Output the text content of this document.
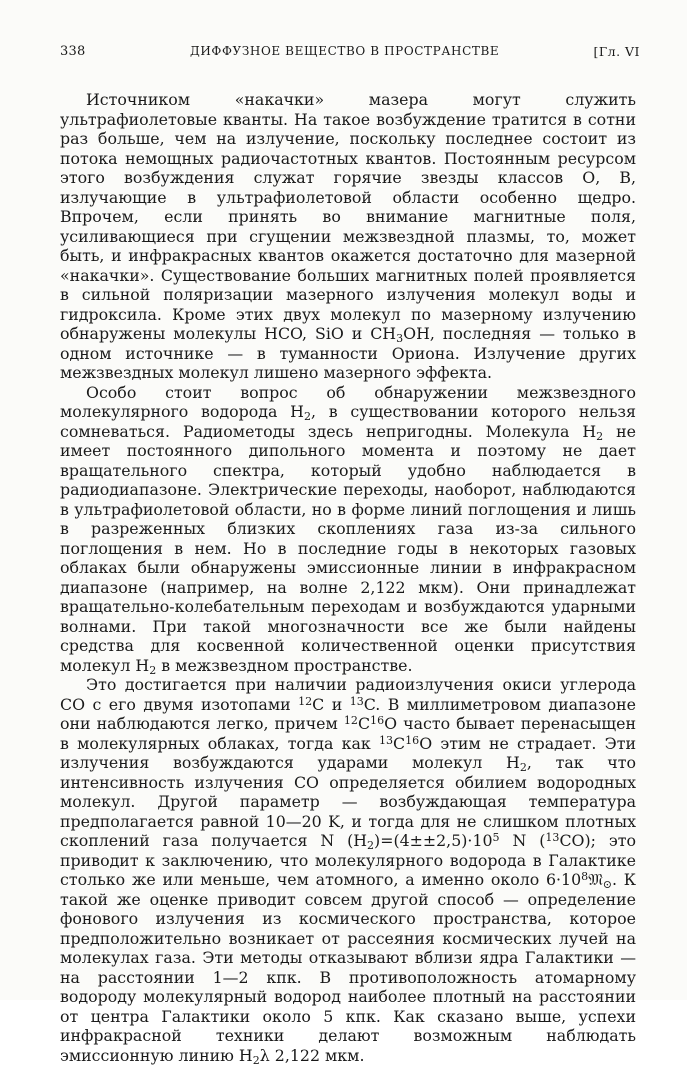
338	ДИФФУЗНОЕ ВЕЩЕСТВО В ПРОСТРАНСТВЕ	[Гл. VI

Источником «накачки» мазера могут служить ультрафиолетовые кванты. На такое возбуждение тратится в сотни раз больше, чем на излучение, поскольку последнее состоит из потока немощных радиочастотных квантов. Постоянным ресурсом этого возбуждения служат горячие звезды классов О, В, излучающие в ультрафиолетовой области особенно щедро. Впрочем, если принять во внимание магнитные поля, усиливающиеся при сгущении межзвездной плазмы, то, может быть, и инфракрасных квантов окажется достаточно для мазерной «накачки». Существование больших магнитных полей проявляется в сильной поляризации мазерного излучения молекул воды и гидроксила. Кроме этих двух молекул по мазерному излучению обнаружены молекулы HCO, SiO и $CH_3OH$, последняя — только в одном источнике — в туманности Ориона. Излучение других межзвездных молекул лишено мазерного эффекта.

Особо стоит вопрос об обнаружении межзвездного молекулярного водорода $H_2$, в существовании которого нельзя сомневаться. Радиометоды здесь непригодны. Молекула $H_2$ не имеет постоянного дипольного момента и поэтому не дает вращательного спектра, который удобно наблюдается в радиодиапазоне. Электрические переходы, наоборот, наблюдаются в ультрафиолетовой области, но в форме линий поглощения и лишь в разреженных близких скоплениях газа из-за сильного поглощения в нем. Но в последние годы в некоторых газовых облаках были обнаружены эмиссионные линии в инфракрасном диапазоне (например, на волне 2,122 мкм). Они принадлежат вращательно-колебательным переходам и возбуждаются ударными волнами. При такой многозначности все же были найдены средства для косвенной количественной оценки присутствия молекул $H_2$ в межзвездном пространстве.

Это достигается при наличии радиоизлучения окиси углерода CO с его двумя изотопами $^{12}$C и $^{13}$C. В миллиметровом диапазоне они наблюдаются легко, причем $^{12}C^{16}O$ часто бывает перенасыщен в молекулярных облаках, тогда как $^{13}C^{16}O$ этим не страдает. Эти излучения возбуждаются ударами молекул $H_2$, так что интенсивность излучения CO определяется обилием водородных молекул. Другой параметр — возбуждающая температура предполагается равной 10—20 K, и тогда для не слишком плотных скоплений газа получается N $(H_2)=(4\pm\pm 2,5)\cdot 10^5$ N ($^{13}$CO); это приводит к заключению, что молекулярного водорода в Галактике столько же или меньше, чем атомного, а именно около $6\cdot 10^8𝔐_⊙$. К такой же оценке приводит совсем другой способ — определение фонового излучения из космического пространства, которое предположительно возникает от рассеяния космических лучей на молекулах газа. Эти методы отказывают вблизи ядра Галактики — на расстоянии 1—2 кпк. В противоположность атомарному водороду молекулярный водород наиболее плотный на расстоянии от центра Галактики около 5 кпк. Как сказано выше, успехи инфракрасной техники делают возможным наблюдать эмиссионную линию $H_2\lambda$ 2,122 мкм.
